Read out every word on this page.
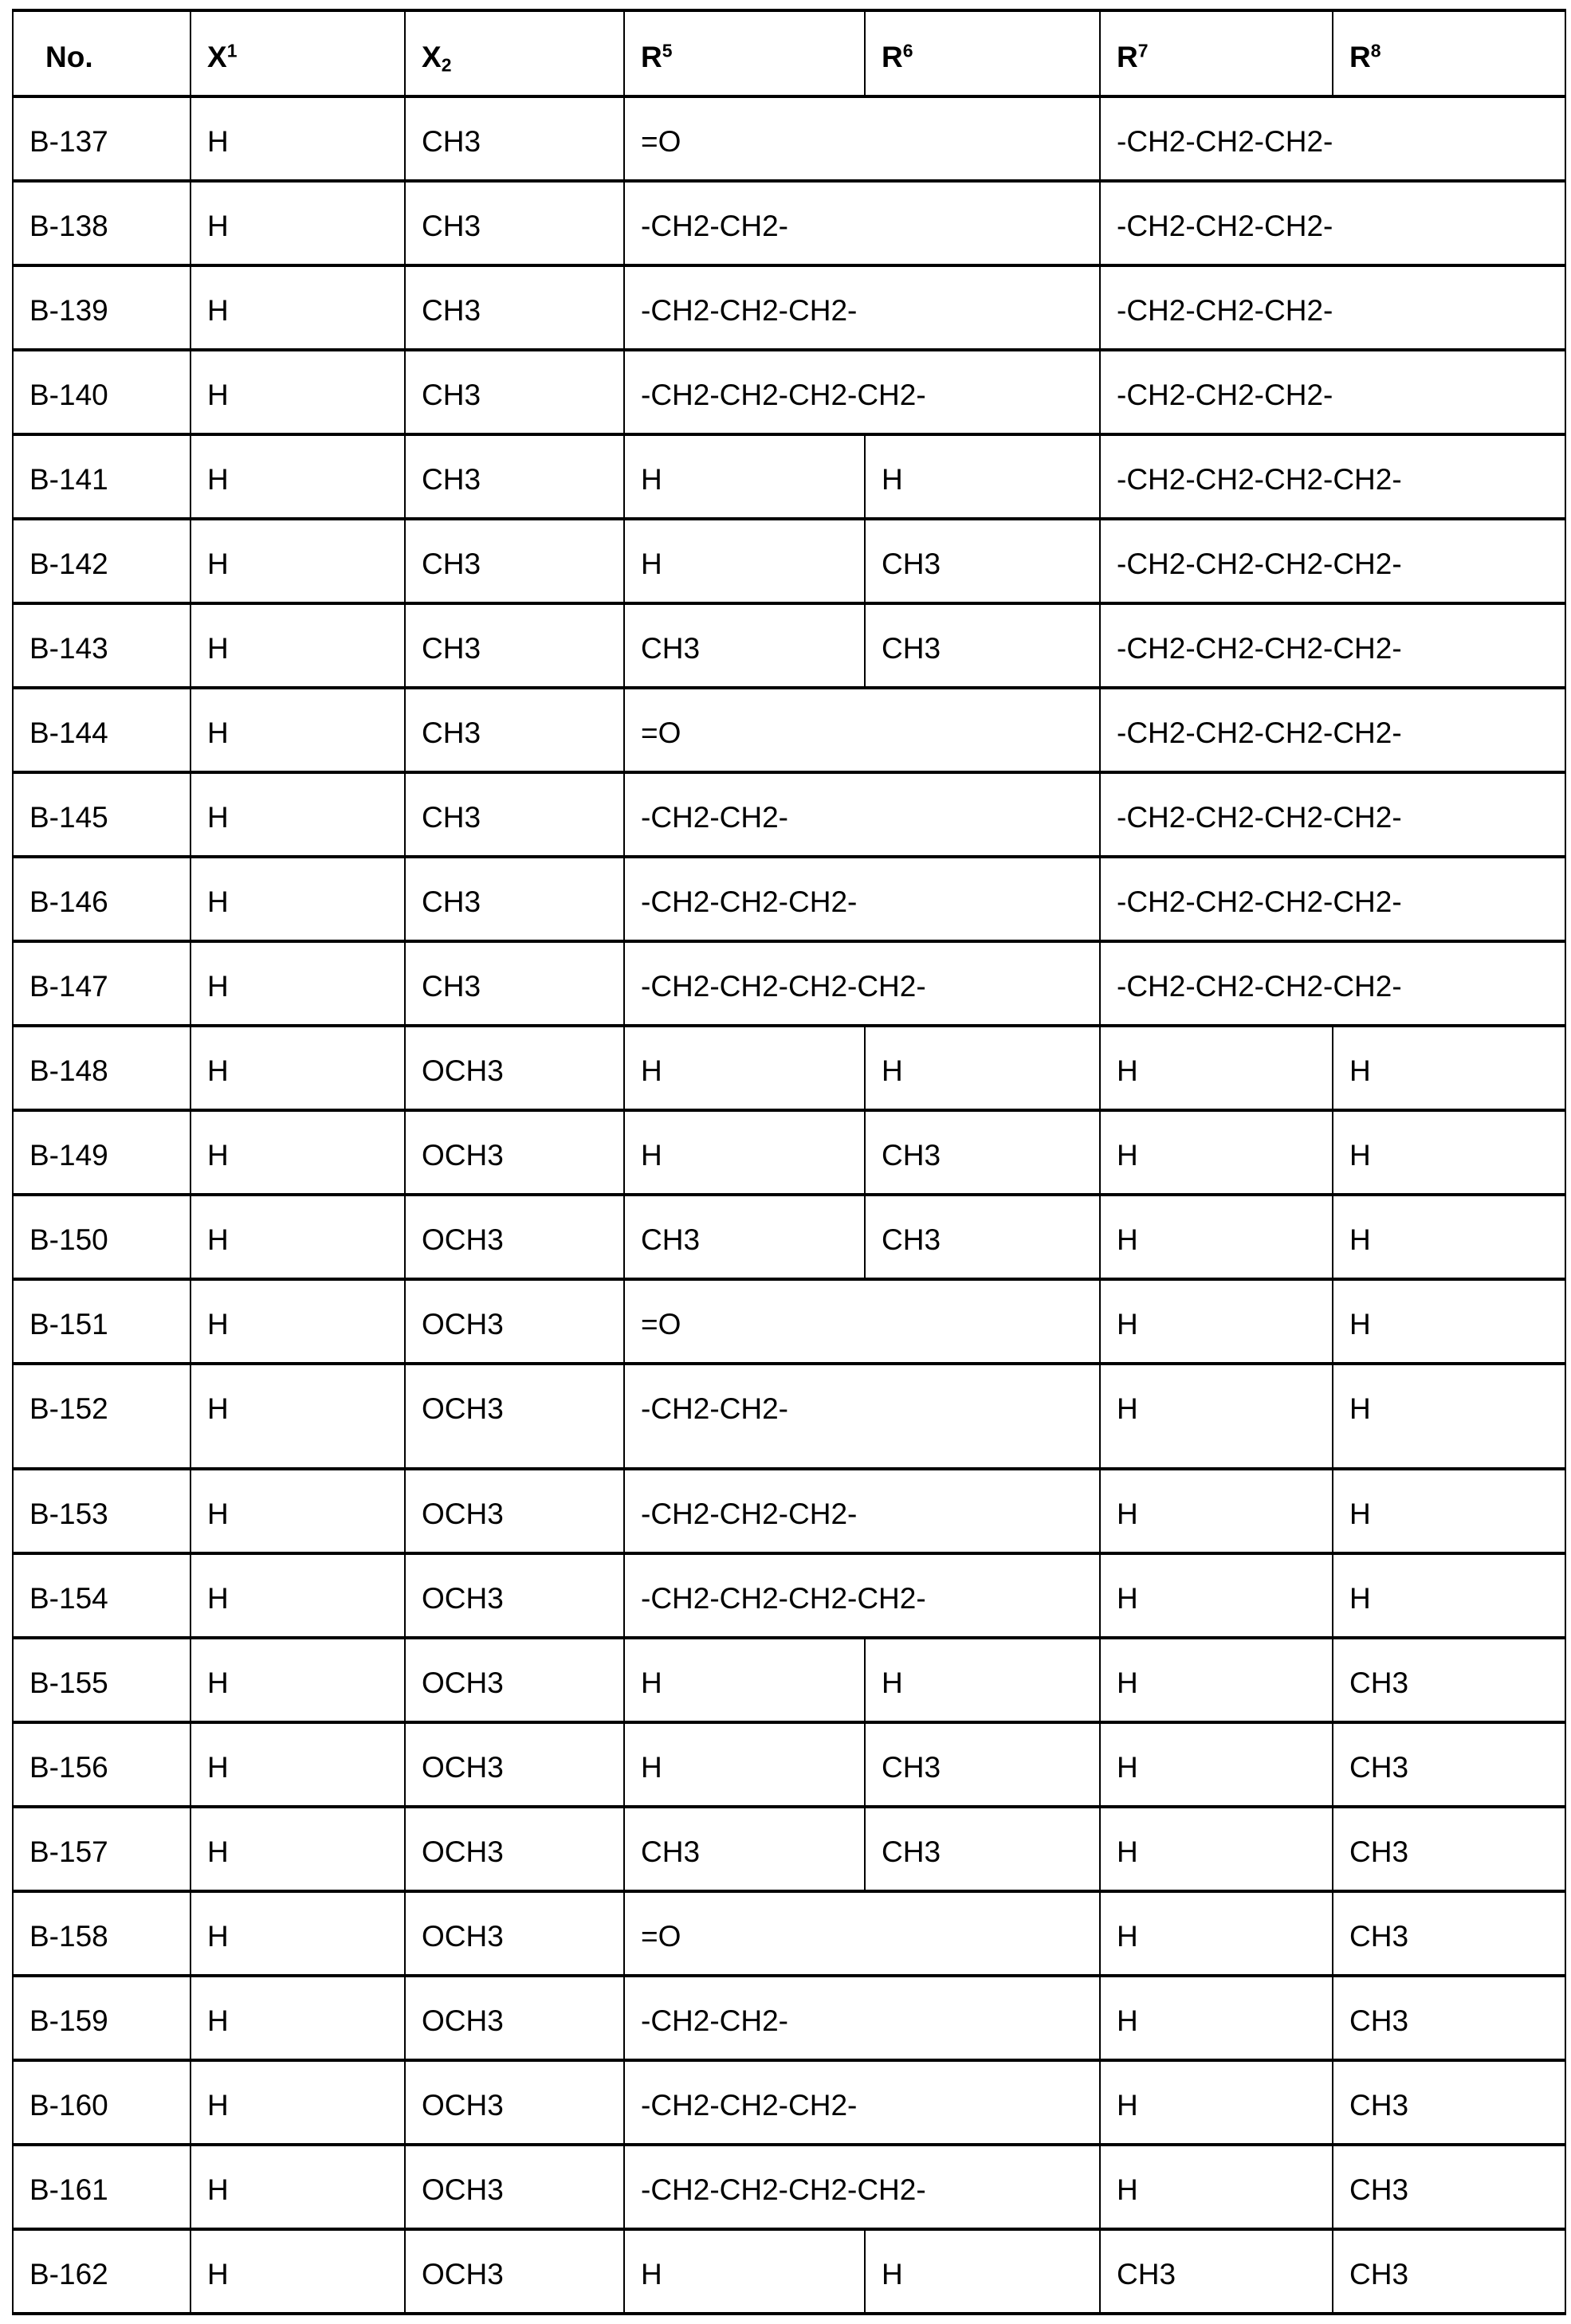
No.	X1	X2	R5	R6	R7	R8
B-137	H	CH3	=O	-CH2-CH2-CH2-
B-138	H	CH3	-CH2-CH2-	-CH2-CH2-CH2-
B-139	H	CH3	-CH2-CH2-CH2-	-CH2-CH2-CH2-
B-140	H	CH3	-CH2-CH2-CH2-CH2-	-CH2-CH2-CH2-
B-141	H	CH3	H	H	-CH2-CH2-CH2-CH2-
B-142	H	CH3	H	CH3	-CH2-CH2-CH2-CH2-
B-143	H	CH3	CH3	CH3	-CH2-CH2-CH2-CH2-
B-144	H	CH3	=O	-CH2-CH2-CH2-CH2-
B-145	H	CH3	-CH2-CH2-	-CH2-CH2-CH2-CH2-
B-146	H	CH3	-CH2-CH2-CH2-	-CH2-CH2-CH2-CH2-
B-147	H	CH3	-CH2-CH2-CH2-CH2-	-CH2-CH2-CH2-CH2-
B-148	H	OCH3	H	H	H	H
B-149	H	OCH3	H	CH3	H	H
B-150	H	OCH3	CH3	CH3	H	H
B-151	H	OCH3	=O	H	H
B-152	H	OCH3	-CH2-CH2-	H	H
B-153	H	OCH3	-CH2-CH2-CH2-	H	H
B-154	H	OCH3	-CH2-CH2-CH2-CH2-	H	H
B-155	H	OCH3	H	H	H	CH3
B-156	H	OCH3	H	CH3	H	CH3
B-157	H	OCH3	CH3	CH3	H	CH3
B-158	H	OCH3	=O	H	CH3
B-159	H	OCH3	-CH2-CH2-	H	CH3
B-160	H	OCH3	-CH2-CH2-CH2-	H	CH3
B-161	H	OCH3	-CH2-CH2-CH2-CH2-	H	CH3
B-162	H	OCH3	H	H	CH3	CH3
